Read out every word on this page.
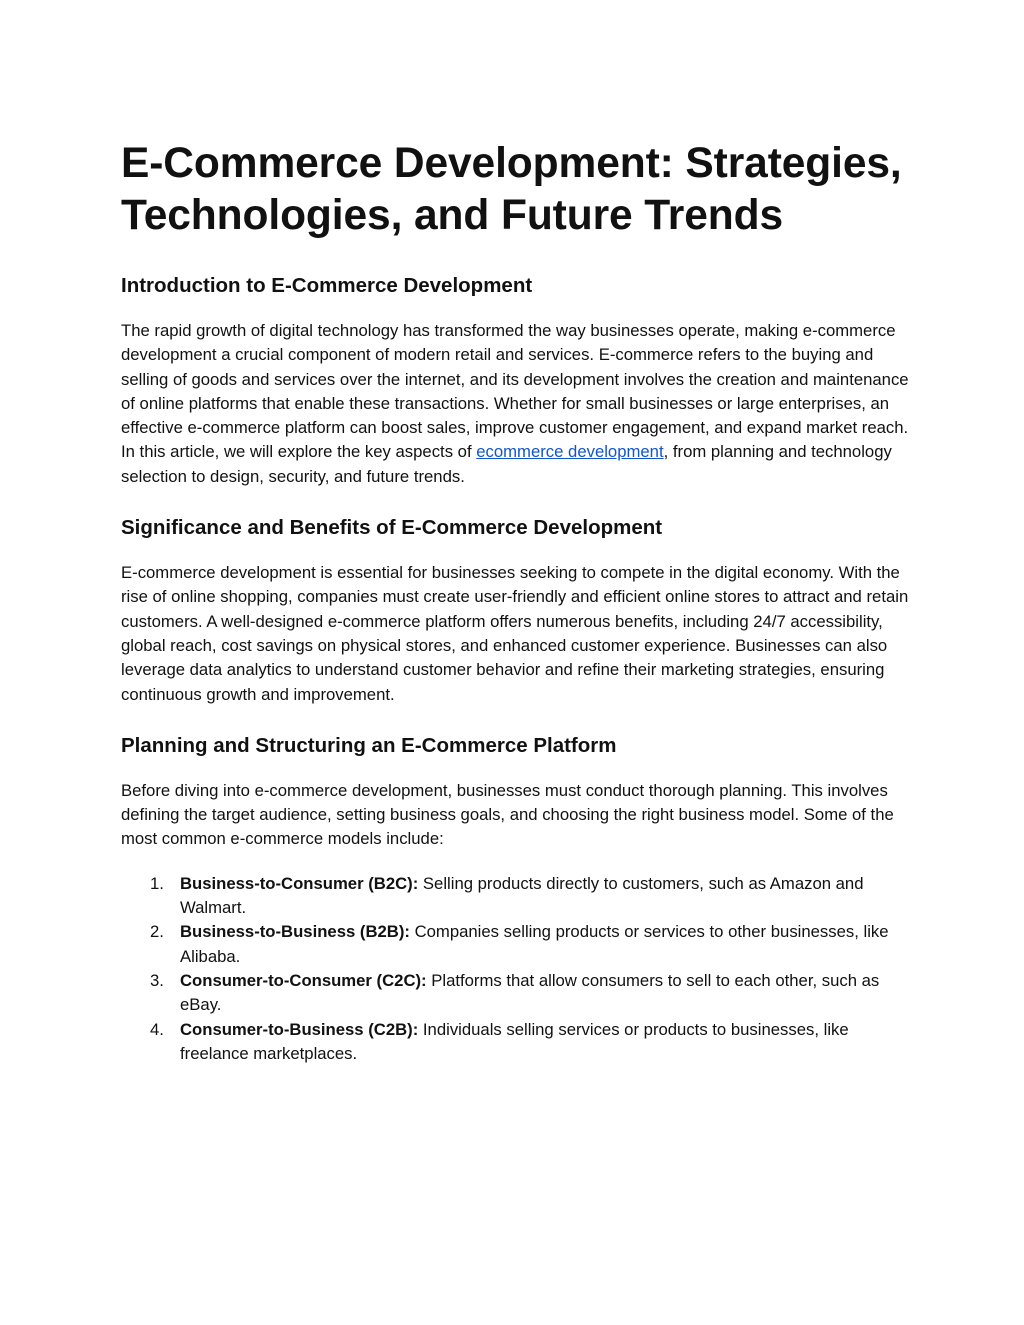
E-Commerce Development: Strategies,
Technologies, and Future Trends
Introduction to E-Commerce Development

The rapid growth of digital technology has transformed the way businesses operate, making e-commerce development a crucial component of modern retail and services. E-commerce refers to the buying and selling of goods and services over the internet, and its development involves the creation and maintenance of online platforms that enable these transactions. Whether for small businesses or large enterprises, an effective e-commerce platform can boost sales, improve customer engagement, and expand market reach. In this article, we will explore the key aspects of ecommerce development, from planning and technology selection to design, security, and future trends.

Significance and Benefits of E-Commerce Development

E-commerce development is essential for businesses seeking to compete in the digital economy. With the rise of online shopping, companies must create user-friendly and efficient online stores to attract and retain customers. A well-designed e-commerce platform offers numerous benefits, including 24/7 accessibility, global reach, cost savings on physical stores, and enhanced customer experience. Businesses can also leverage data analytics to understand customer behavior and refine their marketing strategies, ensuring continuous growth and improvement.

Planning and Structuring an E-Commerce Platform

Before diving into e-commerce development, businesses must conduct thorough planning. This involves defining the target audience, setting business goals, and choosing the right business model. Some of the most common e-commerce models include:

1. Business-to-Consumer (B2C): Selling products directly to customers, such as Amazon and Walmart.
2. Business-to-Business (B2B): Companies selling products or services to other businesses, like Alibaba.
3. Consumer-to-Consumer (C2C): Platforms that allow consumers to sell to each other, such as eBay.
4. Consumer-to-Business (C2B): Individuals selling services or products to businesses, like freelance marketplaces.
